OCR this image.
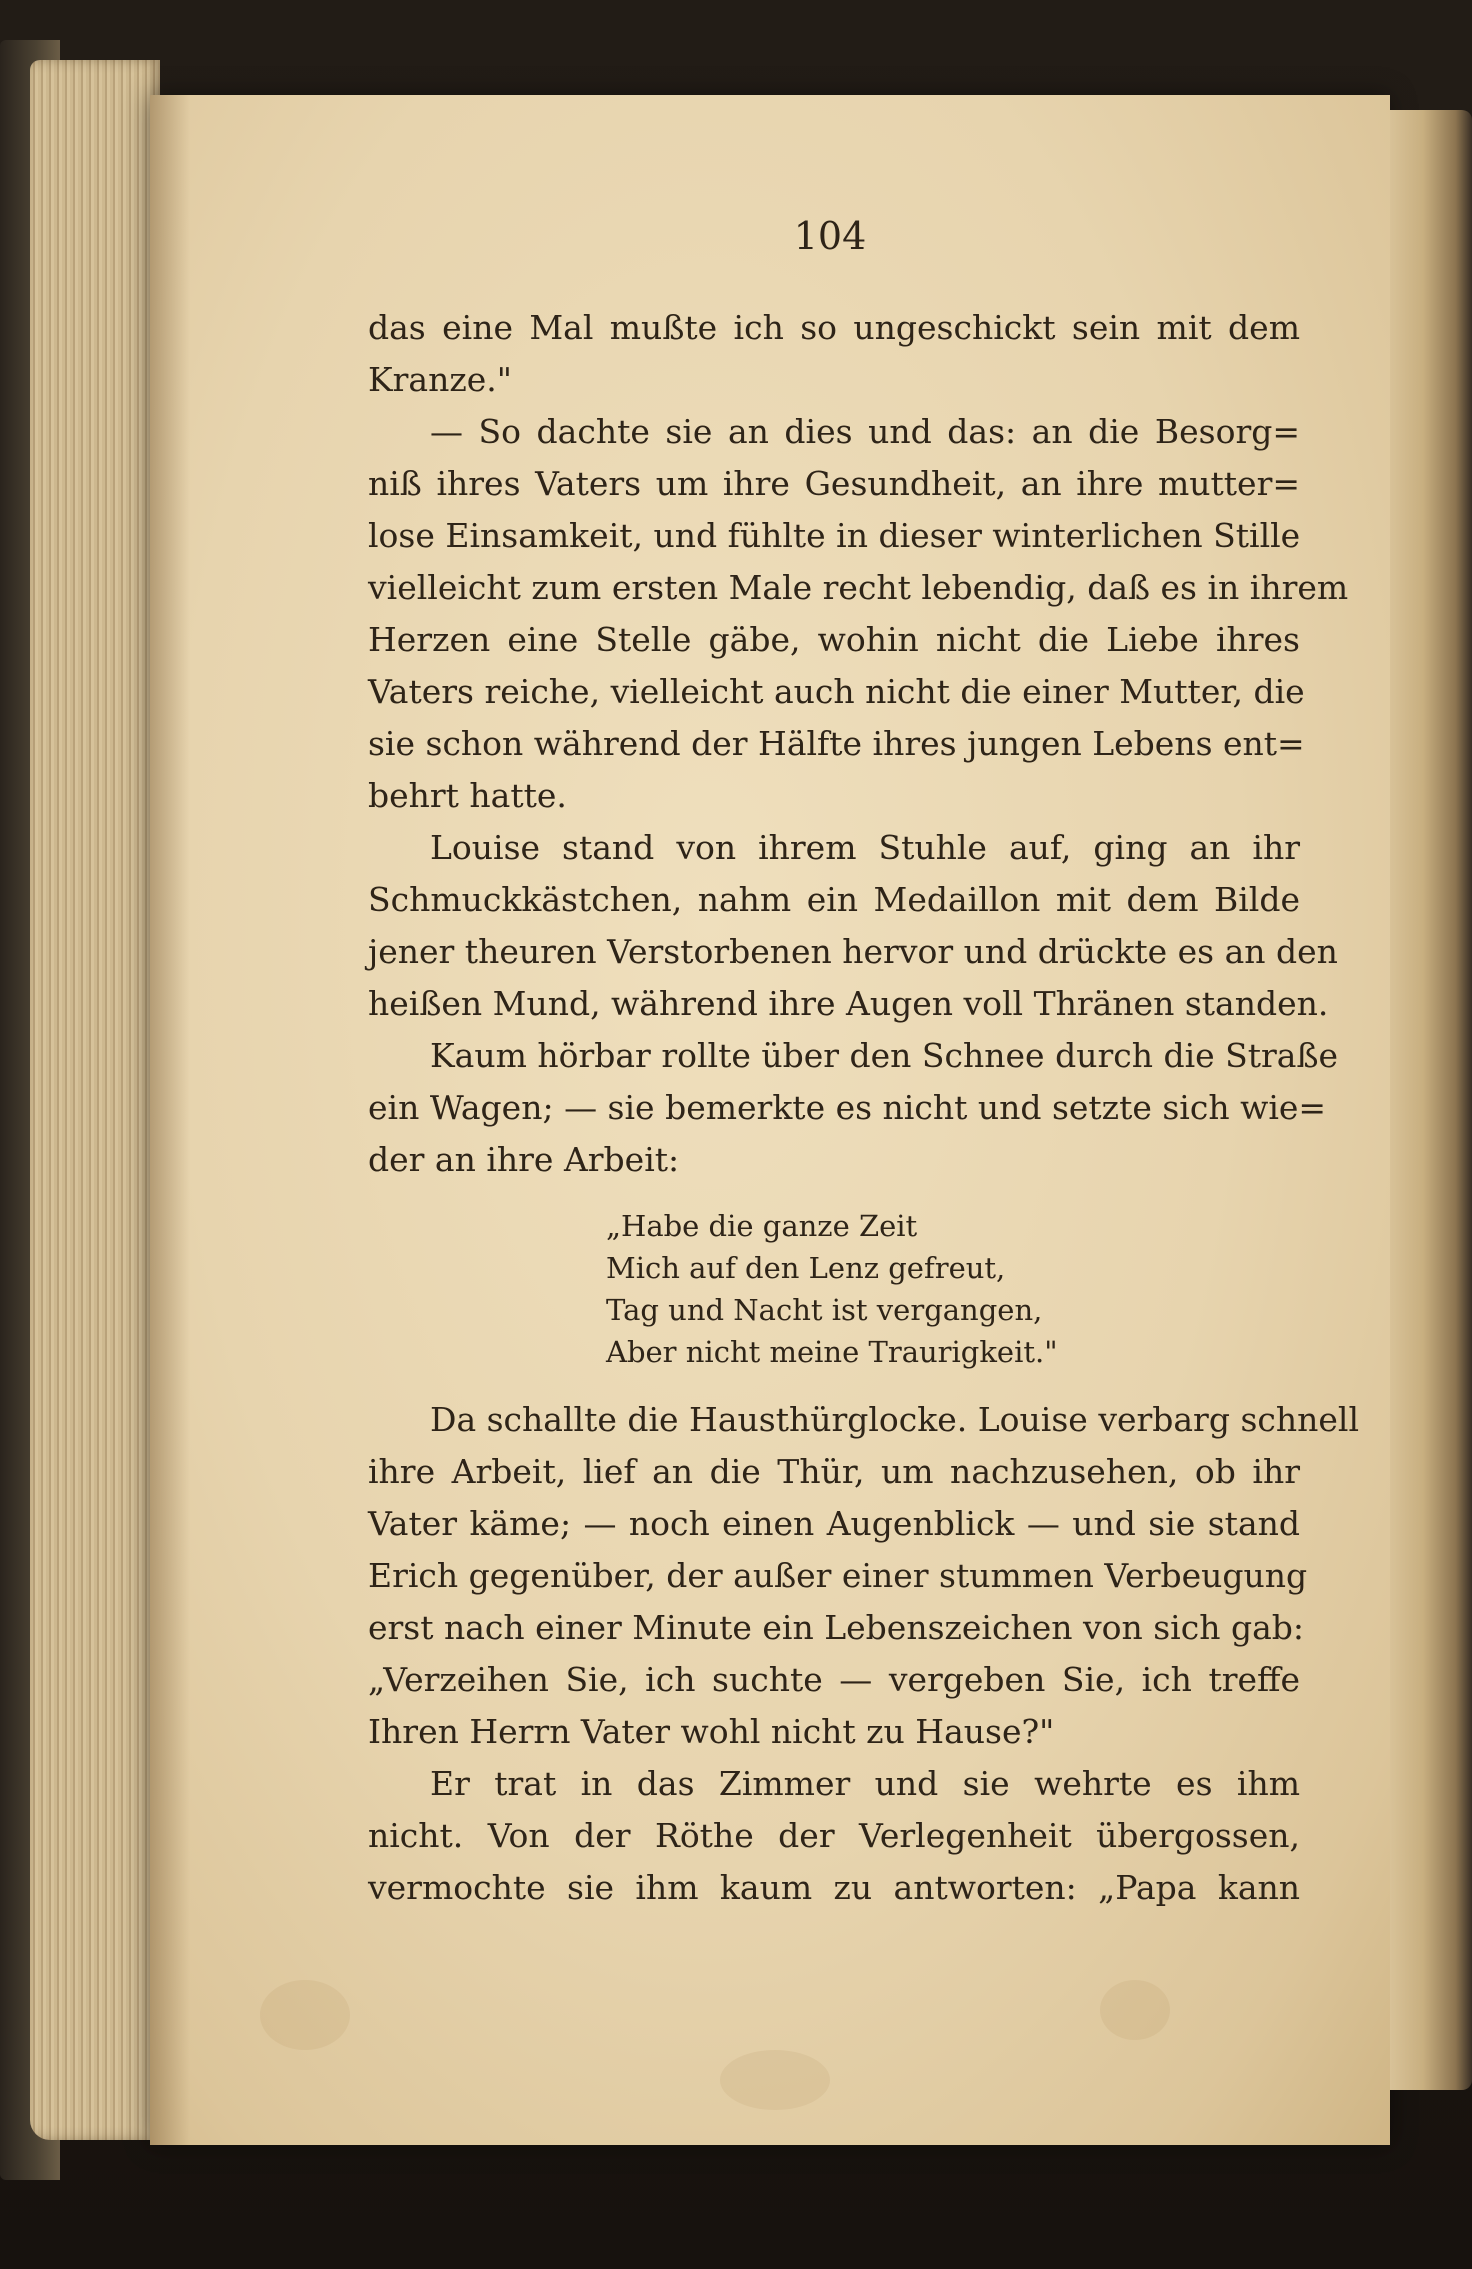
104
das eine Mal mußte ich so ungeschickt sein mit dem
Kranze."
— So dachte sie an dies und das: an die Besorg=
niß ihres Vaters um ihre Gesundheit, an ihre mutter=
lose Einsamkeit, und fühlte in dieser winterlichen Stille
vielleicht zum ersten Male recht lebendig, daß es in ihrem
Herzen eine Stelle gäbe, wohin nicht die Liebe ihres
Vaters reiche, vielleicht auch nicht die einer Mutter, die
sie schon während der Hälfte ihres jungen Lebens ent=
behrt hatte.
Louise stand von ihrem Stuhle auf, ging an ihr
Schmuckkästchen, nahm ein Medaillon mit dem Bilde
jener theuren Verstorbenen hervor und drückte es an den
heißen Mund, während ihre Augen voll Thränen standen.
Kaum hörbar rollte über den Schnee durch die Straße
ein Wagen; — sie bemerkte es nicht und setzte sich wie=
der an ihre Arbeit:
„Habe die ganze Zeit
Mich auf den Lenz gefreut,
Tag und Nacht ist vergangen,
Aber nicht meine Traurigkeit."
Da schallte die Hausthürglocke. Louise verbarg schnell
ihre Arbeit, lief an die Thür, um nachzusehen, ob ihr
Vater käme; — noch einen Augenblick — und sie stand
Erich gegenüber, der außer einer stummen Verbeugung
erst nach einer Minute ein Lebenszeichen von sich gab:
„Verzeihen Sie, ich suchte — vergeben Sie, ich treffe
Ihren Herrn Vater wohl nicht zu Hause?"
Er trat in das Zimmer und sie wehrte es ihm
nicht. Von der Röthe der Verlegenheit übergossen,
vermochte sie ihm kaum zu antworten: „Papa kann
